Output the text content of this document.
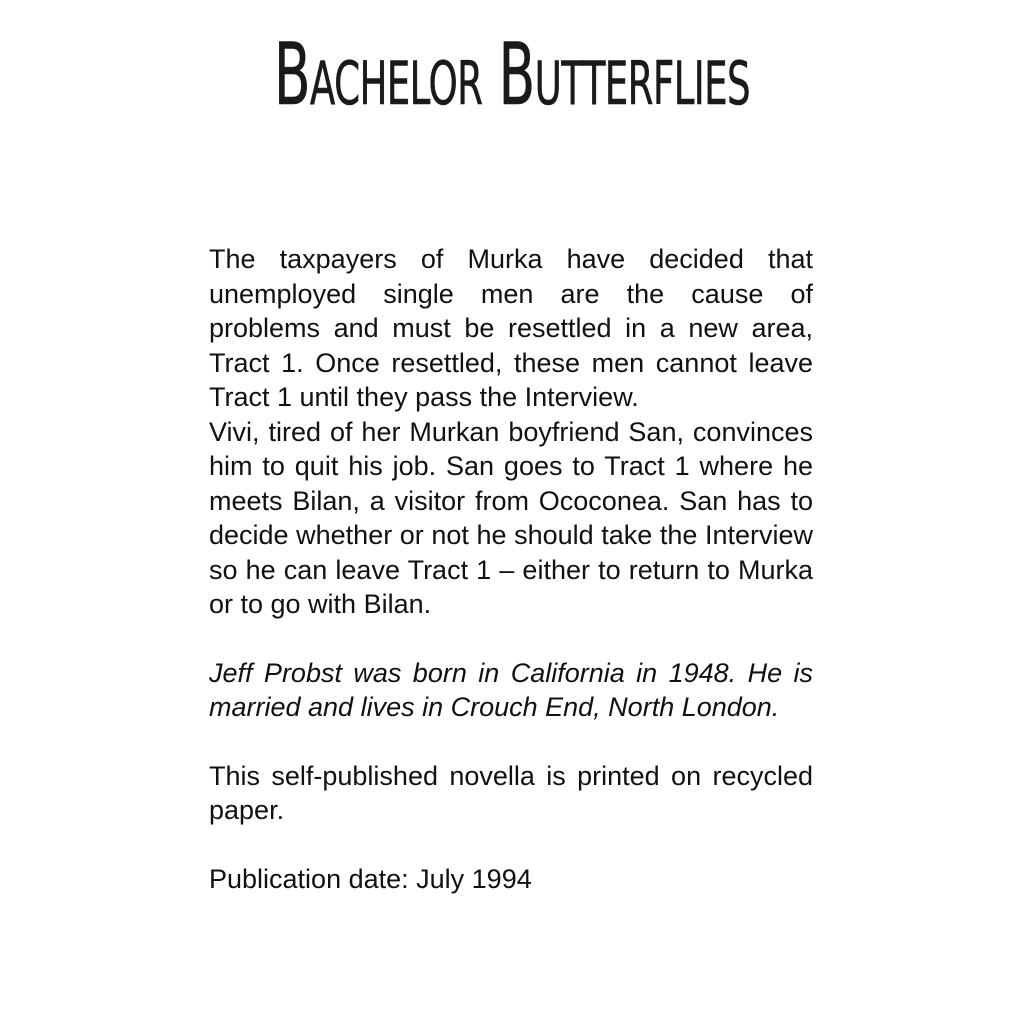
Bachelor Butterflies

The taxpayers of Murka have decided that unemployed single men are the cause of problems and must be resettled in a new area, Tract 1. Once resettled, these men cannot leave Tract 1 until they pass the Interview.

Vivi, tired of her Murkan boyfriend San, convinces him to quit his job. San goes to Tract 1 where he meets Bilan, a visitor from Ococonea. San has to decide whether or not he should take the Interview so he can leave Tract 1 – either to return to Murka or to go with Bilan.

Jeff Probst was born in California in 1948. He is married and lives in Crouch End, North London.

This self-published novella is printed on recycled paper.

Publication date: July 1994
